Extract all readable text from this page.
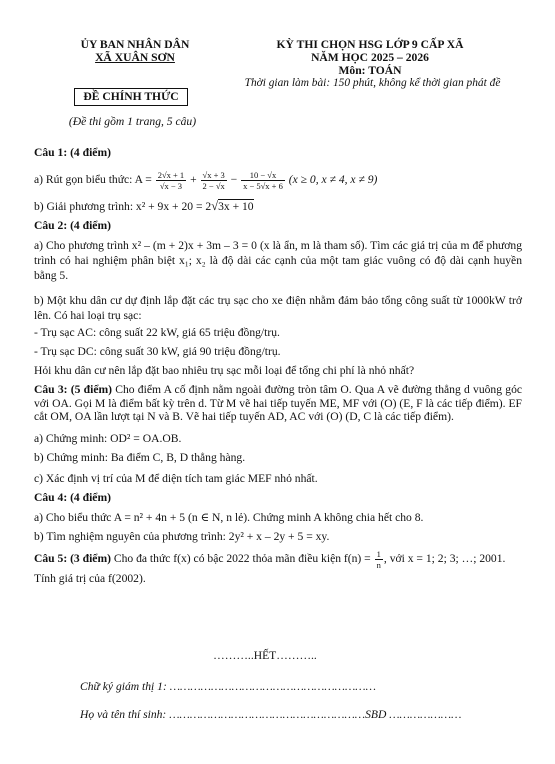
ỦY BAN NHÂN DÂN
XÃ XUÂN SƠN
ĐỀ CHÍNH THỨC
(Đề thi gồm 1 trang, 5 câu)
KỲ THI CHỌN HSG LỚP 9 CẤP XÃ
NĂM HỌC 2025 – 2026
Môn: TOÁN
Thời gian làm bài: 150 phút, không kể thời gian phát đề
Câu 1: (4 điểm)
a) Rút gọn biểu thức: $A = \frac{2√x + 1}{√x - 3} + \frac{√x + 3}{2 - √x} - \frac{10 - √x}{x - 5√x + 6} (x \ge 0$, x ≠ 4, x ≠ 9)
b) Giải phương trình: x² + 9x + 20 = 2√3x + 10
Câu 2: (4 điểm)
a) Cho phương trình x² – (m + 2)x + 3m – 3 = 0 (x là ẩn, m là tham số). Tìm các giá trị của m để phương trình có hai nghiệm phân biệt x₁; x₂ là độ dài các cạnh của một tam giác vuông có độ dài cạnh huyền bằng 5.
b) Một khu dân cư dự định lắp đặt các trụ sạc cho xe điện nhằm đảm bảo tổng công suất từ 1000kW trở lên. Có hai loại trụ sạc:
- Trụ sạc AC: công suất 22 kW, giá 65 triệu đồng/trụ.
- Trụ sạc DC: công suất 30 kW, giá 90 triệu đồng/trụ.
Hỏi khu dân cư nên lắp đặt bao nhiêu trụ sạc mỗi loại để tổng chi phí là nhỏ nhất?
Câu 3: (5 điểm) Cho điểm A cố định nằm ngoài đường tròn tâm O. Qua A vẽ đường thẳng d vuông góc với OA. Gọi M là điểm bất kỳ trên d. Từ M vẽ hai tiếp tuyến ME, MF với (O) (E, F là các tiếp điểm). EF cắt OM, OA lần lượt tại N và B. Vẽ hai tiếp tuyến AD, AC với (O) (D, C là các tiếp điểm).
a) Chứng minh: OD² = OA.OB.
b) Chứng minh: Ba điểm C, B, D thẳng hàng.
c) Xác định vị trí của M để diện tích tam giác MEF nhỏ nhất.
Câu 4: (4 điểm)
a) Cho biểu thức A = n² + 4n + 5 (n ∈ N, n lẻ). Chứng minh A không chia hết cho 8.
b) Tìm nghiệm nguyên của phương trình: 2y² + x – 2y + 5 = xy.
Câu 5: (3 điểm) Cho đa thức f(x) có bậc 2022 thỏa mãn điều kiện $f(n) = \frac{1}{n}$ , với x = 1; 2; 3; …; 2001.
Tính giá trị của f(2002).
………..HẾT………..
Chữ ký giám thị 1: ……………………………………………………
Họ và tên thí sinh: …………………………………………………SBD …………………
